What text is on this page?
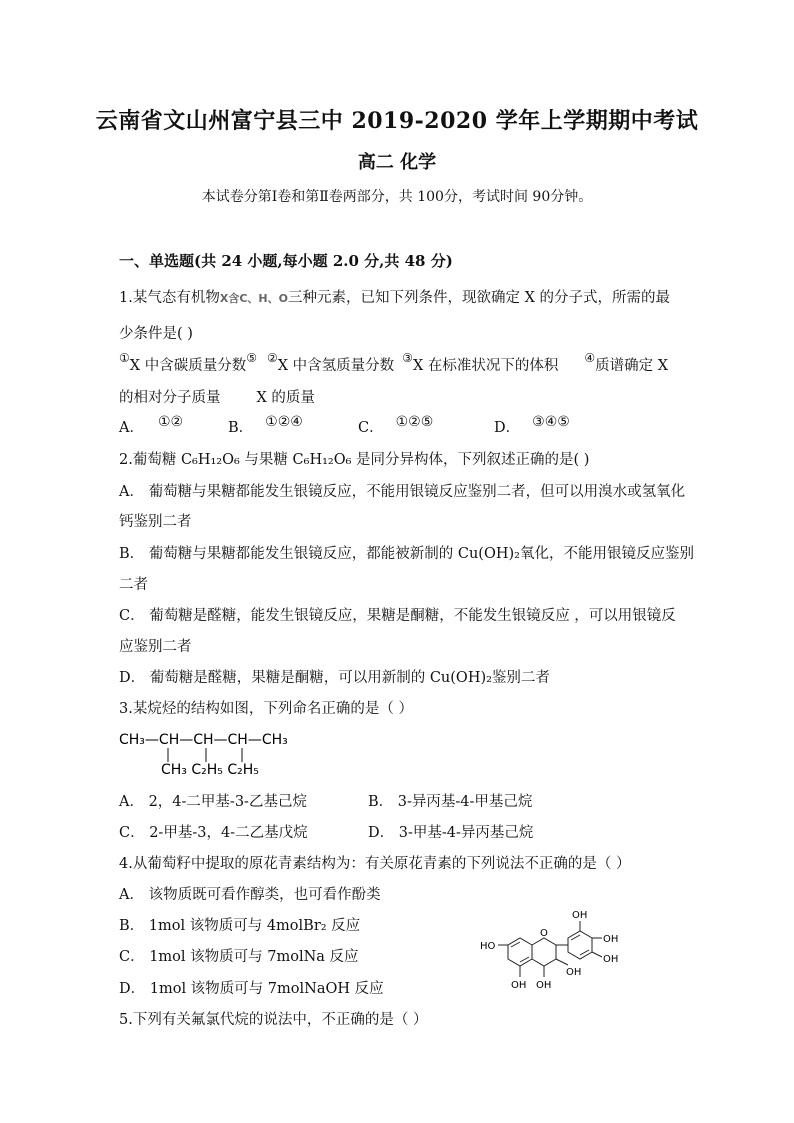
云南省文山州富宁县三中 2019-2020 学年上学期期中考试
高二 化学
本试卷分第Ⅰ卷和第Ⅱ卷两部分，共 100分，考试时间 90分钟。
一、单选题(共 24 小题,每小题 2.0 分,共 48 分)
1.某气态有机物X含C、H、O三种元素，已知下列条件，现欲确定 X 的分子式，所需的最
少条件是( )
①X 中含碳质量分数⑤ ②X 中含氢质量分数 ③X 在标准状况下的体积 ④质谱确定 X
的相对分子质量 X 的质量
A． ①②	B． ①②④	C． ①②⑤	D． ③④⑤
2.葡萄糖 C₆H₁₂O₆ 与果糖 C₆H₁₂O₆ 是同分异构体，下列叙述正确的是( )
A． 葡萄糖与果糖都能发生银镜反应，不能用银镜反应鉴别二者，但可以用溴水或氢氧化
钙鉴别二者
B． 葡萄糖与果糖都能发生银镜反应，都能被新制的 Cu(OH)₂氧化，不能用银镜反应鉴别
二者
C． 葡萄糖是醛糖，能发生银镜反应，果糖是酮糖，不能发生银镜反应 ，可以用银镜反
应鉴别二者
D． 葡萄糖是醛糖，果糖是酮糖，可以用新制的 Cu(OH)₂鉴别二者
3.某烷烃的结构如图，下列命名正确的是（ ）
CH₃—CH—CH—CH—CH₃
CH₃ C₂H₅ C₂H₅
A． 2，4-二甲基-3-乙基己烷	B． 3-异丙基-4-甲基己烷
C． 2-甲基-3，4-二乙基戊烷	D． 3-甲基-4-异丙基己烷
4.从葡萄籽中提取的原花青素结构为：有关原花青素的下列说法不正确的是（ ）
A． 该物质既可看作醇类，也可看作酚类
B． 1mol 该物质可与 4molBr₂ 反应
C． 1mol 该物质可与 7molNa 反应
D． 1mol 该物质可与 7molNaOH 反应
HO
O
OH OH
OH
OH
OH
OH
5.下列有关氟氯代烷的说法中，不正确的是（ ）
